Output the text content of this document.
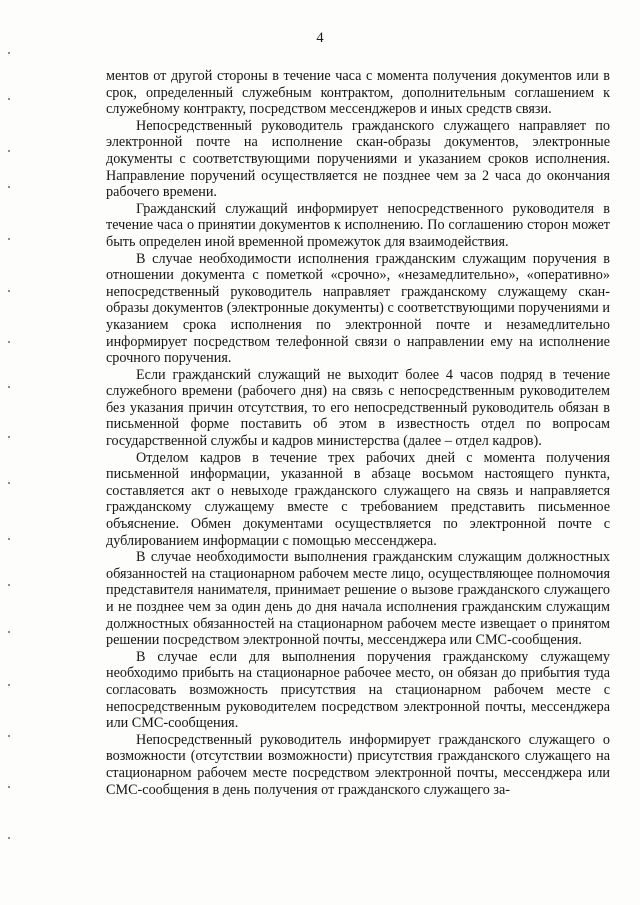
4

ментов от другой стороны в течение часа с момента получения документов или в срок, определенный служебным контрактом, дополнительным соглашением к служебному контракту, посредством мессенджеров и иных средств связи.

Непосредственный руководитель гражданского служащего направляет по электронной почте на исполнение скан-образы документов, электронные документы с соответствующими поручениями и указанием сроков исполнения. Направление поручений осуществляется не позднее чем за 2 часа до окончания рабочего времени.

Гражданский служащий информирует непосредственного руководителя в течение часа о принятии документов к исполнению. По соглашению сторон может быть определен иной временной промежуток для взаимодействия.

В случае необходимости исполнения гражданским служащим поручения в отношении документа с пометкой «срочно», «незамедлительно», «оперативно» непосредственный руководитель направляет гражданскому служащему скан-образы документов (электронные документы) с соответствующими поручениями и указанием срока исполнения по электронной почте и незамедлительно информирует посредством телефонной связи о направлении ему на исполнение срочного поручения.

Если гражданский служащий не выходит более 4 часов подряд в течение служебного времени (рабочего дня) на связь с непосредственным руководителем без указания причин отсутствия, то его непосредственный руководитель обязан в письменной форме поставить об этом в известность отдел по вопросам государственной службы и кадров министерства (далее – отдел кадров).

Отделом кадров в течение трех рабочих дней с момента получения письменной информации, указанной в абзаце восьмом настоящего пункта, составляется акт о невыходе гражданского служащего на связь и направляется гражданскому служащему вместе с требованием представить письменное объяснение. Обмен документами осуществляется по электронной почте с дублированием информации с помощью мессенджера.

В случае необходимости выполнения гражданским служащим должностных обязанностей на стационарном рабочем месте лицо, осуществляющее полномочия представителя нанимателя, принимает решение о вызове гражданского служащего и не позднее чем за один день до дня начала исполнения гражданским служащим должностных обязанностей на стационарном рабочем месте извещает о принятом решении посредством электронной почты, мессенджера или СМС-сообщения.

В случае если для выполнения поручения гражданскому служащему необходимо прибыть на стационарное рабочее место, он обязан до прибытия туда согласовать возможность присутствия на стационарном рабочем месте с непосредственным руководителем посредством электронной почты, мессенджера или СМС-сообщения.

Непосредственный руководитель информирует гражданского служащего о возможности (отсутствии возможности) присутствия гражданского служащего на стационарном рабочем месте посредством электронной почты, мессенджера или СМС-сообщения в день получения от гражданского служащего за-
